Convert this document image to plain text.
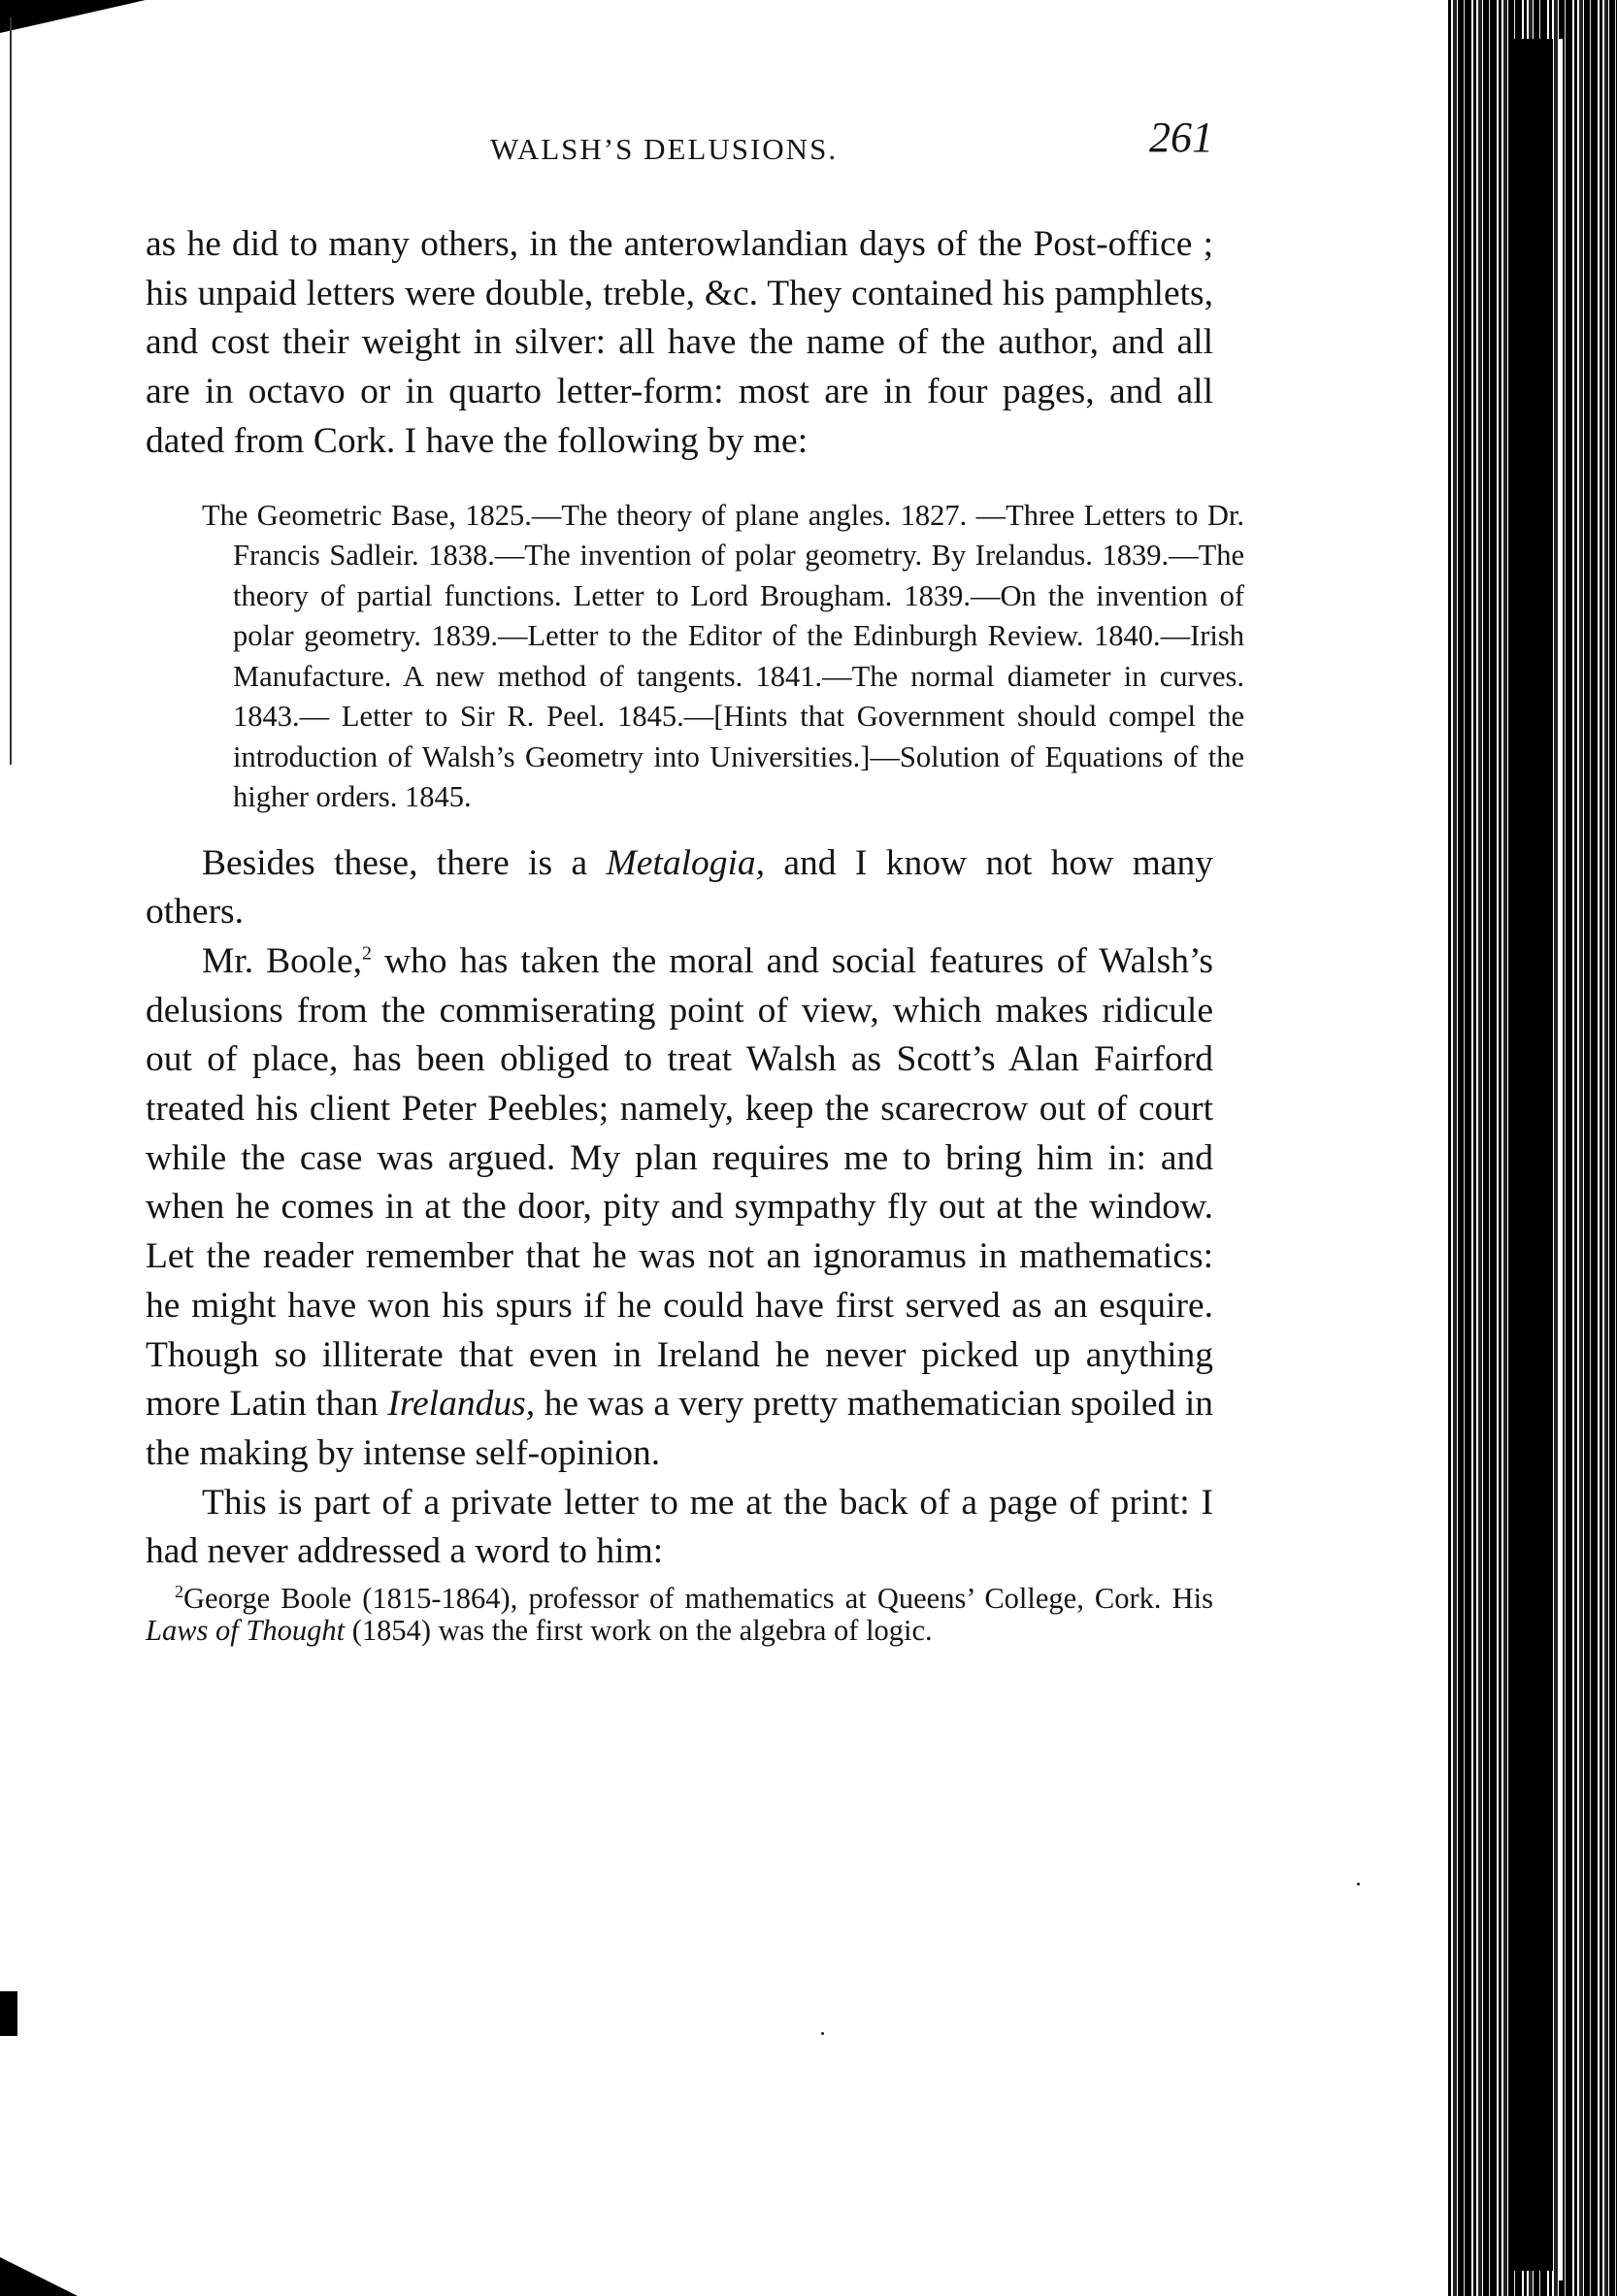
WALSH’S DELUSIONS.	261

as he did to many others, in the anterowlandian days of the Post-office ; his unpaid letters were double, treble, &c. They contained his pamphlets, and cost their weight in silver: all have the name of the author, and all are in octavo or in quarto letter-form: most are in four pages, and all dated from Cork. I have the following by me:

The Geometric Base, 1825.—The theory of plane angles. 1827. —Three Letters to Dr. Francis Sadleir. 1838.—The invention of polar geometry. By Irelandus. 1839.—The theory of partial functions. Letter to Lord Brougham. 1839.—On the invention of polar geometry. 1839.—Letter to the Editor of the Edinburgh Review. 1840.—Irish Manufacture. A new method of tangents. 1841.—The normal diameter in curves. 1843.— Letter to Sir R. Peel. 1845.—[Hints that Government should compel the introduction of Walsh’s Geometry into Universities.]—Solution of Equations of the higher orders. 1845.

Besides these, there is a Metalogia, and I know not how many others.

Mr. Boole,$^2$ who has taken the moral and social features of Walsh’s delusions from the commiserating point of view, which makes ridicule out of place, has been obliged to treat Walsh as Scott’s Alan Fairford treated his client Peter Peebles; namely, keep the scarecrow out of court while the case was argued. My plan requires me to bring him in: and when he comes in at the door, pity and sympathy fly out at the window. Let the reader remember that he was not an ignoramus in mathematics: he might have won his spurs if he could have first served as an esquire. Though so illiterate that even in Ireland he never picked up anything more Latin than Irelandus, he was a very pretty mathematician spoiled in the making by intense self-opinion.

This is part of a private letter to me at the back of a page of print: I had never addressed a word to him:

$^2$George Boole (1815-1864), professor of mathematics at Queens’ College, Cork. His Laws of Thought (1854) was the first work on the algebra of logic.
